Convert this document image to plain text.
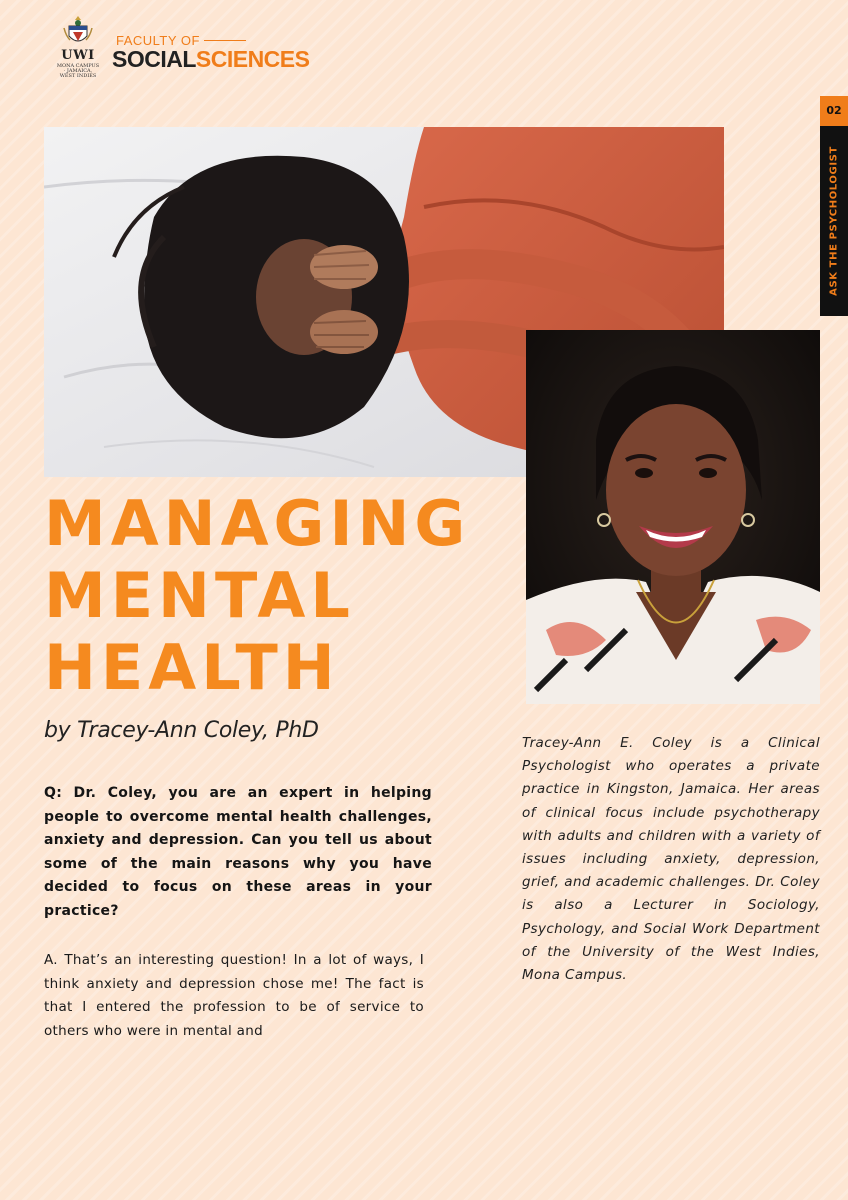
UWI
MONA CAMPUS · JAMAICA, WEST INDIES
FACULTY OF
SOCIALSCIENCES
02
ASK THE PSYCHOLOGIST
MANAGING
MENTAL
HEALTH
by Tracey-Ann Coley, PhD

Q: Dr. Coley, you are an expert in helping people to overcome mental health challenges, anxiety and depression. Can you tell us about some of the main reasons why you have decided to focus on these areas in your practice?

A. That’s an interesting question! In a lot of ways, I think anxiety and depression chose me! The fact is that I entered the profession to be of service to others who were in mental and

Tracey-Ann E. Coley is a Clinical Psychologist who operates a private practice in Kingston, Jamaica. Her areas of clinical focus include psychotherapy with adults and children with a variety of issues including anxiety, depression, grief, and academic challenges. Dr. Coley is also a Lecturer in Sociology, Psychology, and Social Work Department of the University of the West Indies, Mona Campus.
